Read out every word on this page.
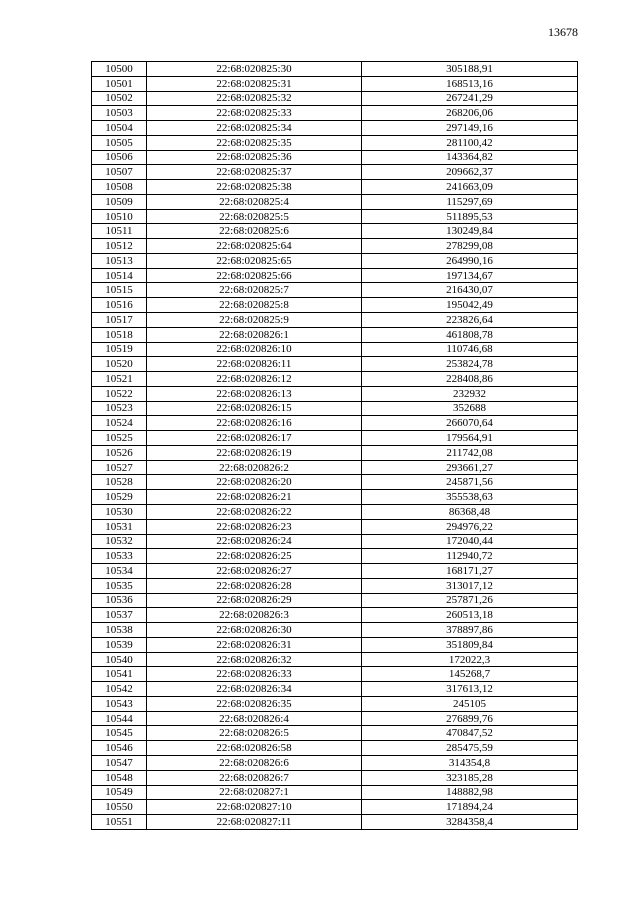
13678
10500	22:68:020825:30	305188,91
10501	22:68:020825:31	168513,16
10502	22:68:020825:32	267241,29
10503	22:68:020825:33	268206,06
10504	22:68:020825:34	297149,16
10505	22:68:020825:35	281100,42
10506	22:68:020825:36	143364,82
10507	22:68:020825:37	209662,37
10508	22:68:020825:38	241663,09
10509	22:68:020825:4	115297,69
10510	22:68:020825:5	511895,53
10511	22:68:020825:6	130249,84
10512	22:68:020825:64	278299,08
10513	22:68:020825:65	264990,16
10514	22:68:020825:66	197134,67
10515	22:68:020825:7	216430,07
10516	22:68:020825:8	195042,49
10517	22:68:020825:9	223826,64
10518	22:68:020826:1	461808,78
10519	22:68:020826:10	110746,68
10520	22:68:020826:11	253824,78
10521	22:68:020826:12	228408,86
10522	22:68:020826:13	232932
10523	22:68:020826:15	352688
10524	22:68:020826:16	266070,64
10525	22:68:020826:17	179564,91
10526	22:68:020826:19	211742,08
10527	22:68:020826:2	293661,27
10528	22:68:020826:20	245871,56
10529	22:68:020826:21	355538,63
10530	22:68:020826:22	86368,48
10531	22:68:020826:23	294976,22
10532	22:68:020826:24	172040,44
10533	22:68:020826:25	112940,72
10534	22:68:020826:27	168171,27
10535	22:68:020826:28	313017,12
10536	22:68:020826:29	257871,26
10537	22:68:020826:3	260513,18
10538	22:68:020826:30	378897,86
10539	22:68:020826:31	351809,84
10540	22:68:020826:32	172022,3
10541	22:68:020826:33	145268,7
10542	22:68:020826:34	317613,12
10543	22:68:020826:35	245105
10544	22:68:020826:4	276899,76
10545	22:68:020826:5	470847,52
10546	22:68:020826:58	285475,59
10547	22:68:020826:6	314354,8
10548	22:68:020826:7	323185,28
10549	22:68:020827:1	148882,98
10550	22:68:020827:10	171894,24
10551	22:68:020827:11	3284358,4
